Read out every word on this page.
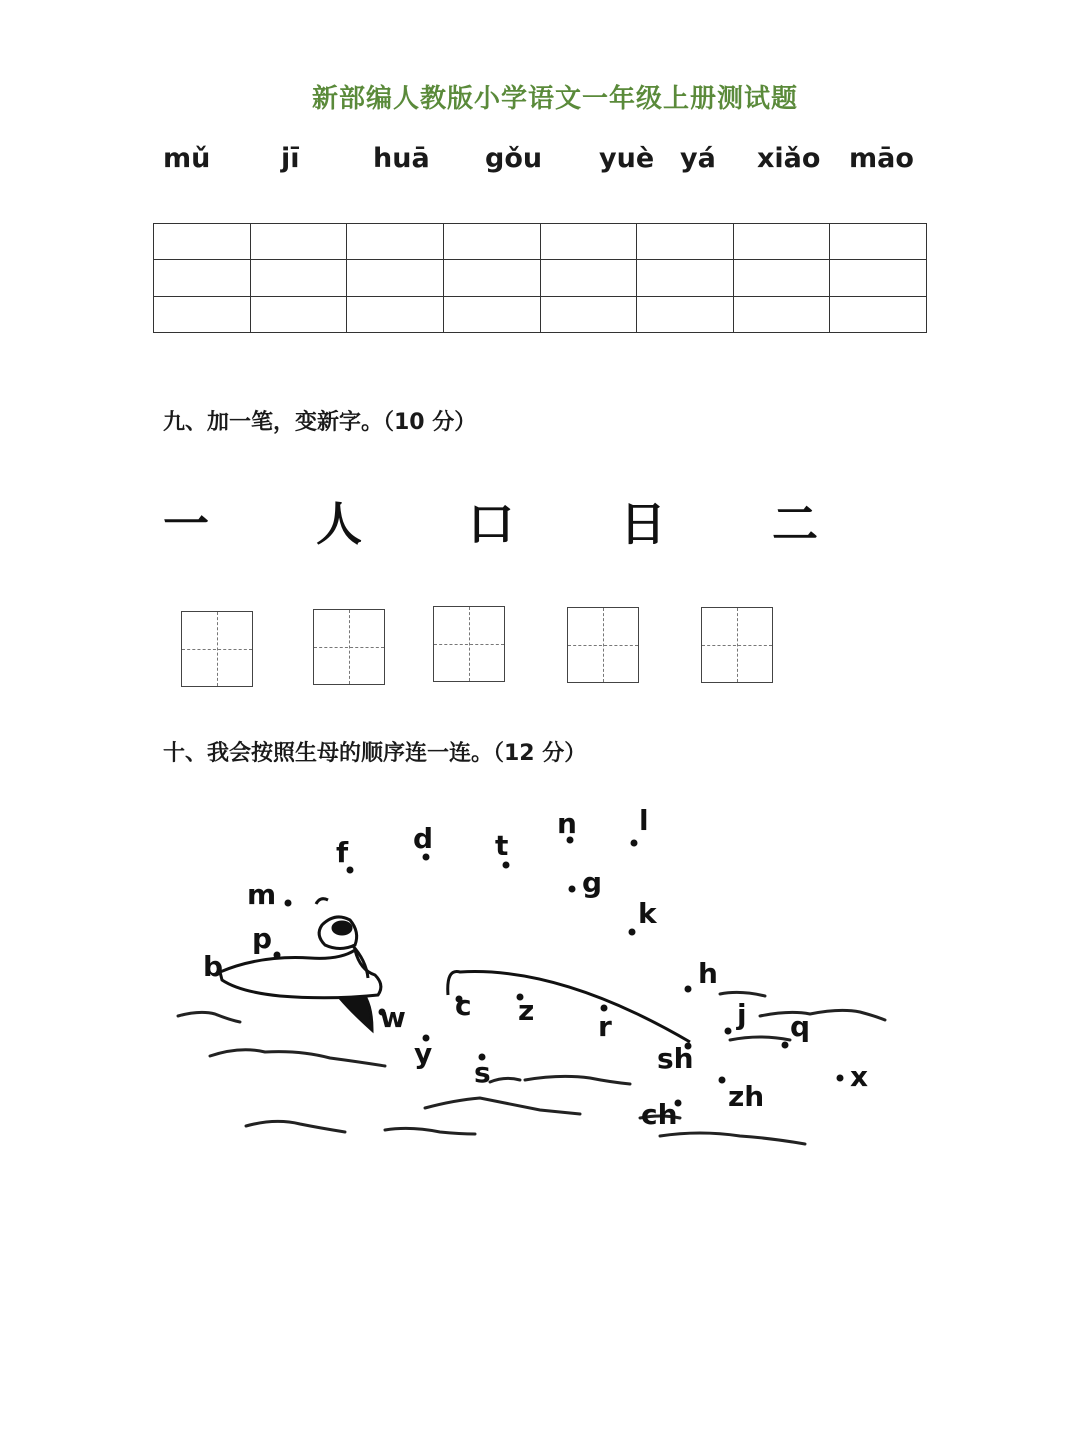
新部编人教版小学语文一年级上册测试题
mǔ	jī	huā gǒu yuè yá xiǎo māo

九、加一笔，变新字。（10 分）
一 人 口 日 二
十、我会按照生母的顺序连一连。（12 分）
b
p
m
f d t
n l
g
k
h
j q
x
zh
ch
sh
r
z
c
s
y
w
